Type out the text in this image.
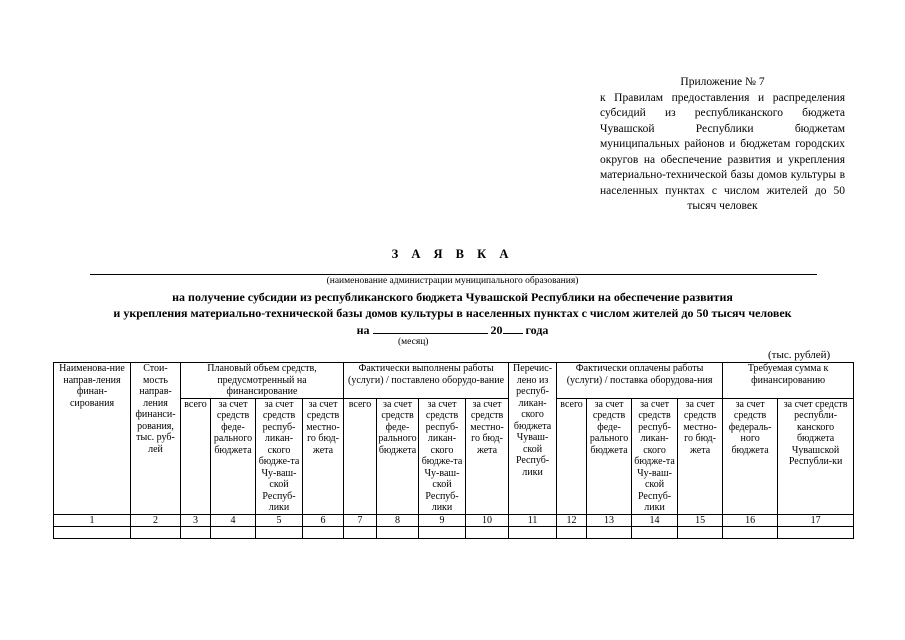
Приложение № 7
к Правилам предоставления и распределения субсидий из республиканского бюджета Чувашской Республики бюджетам муниципальных районов и бюджетам городских округов на обеспечение развития и укрепления материально-технической базы домов культуры в населенных пунктах с числом жителей до 50 тысяч человек
З А Я В К А
(наименование администрации муниципального образования)
на получение субсидии из республиканского бюджета Чувашской Республики на обеспечение развития
и укрепления материально-технической базы домов культуры в населенных пунктах с числом жителей до 50 тысяч человек
на	20 года
(месяц)
(тыс. рублей)
Наименова-ние направ-ления финан-сирования	Стои-мость направ-ления финанси-рования, тыс. руб-лей	Плановый объем средств, предусмотренный на финансирование				Фактически выполнены работы (услуги) / поставлено оборудо-вание				Перечис-лено из респуб-ликан-ского бюджета Чуваш-ской Респуб-лики	Фактически оплачены работы (услуги) / поставка оборудова-ния				Требуемая сумма к финансированию	
		всего	за счет средств феде-рального бюджета	за счет средств респуб-ликан-ского бюдже-та Чу-ваш-ской Респуб-лики	за счет средств местно-го бюд-жета	всего	за счет средств феде-рального бюджета	за счет средств респуб-ликан-ского бюдже-та Чу-ваш-ской Респуб-лики	за счет средств местно-го бюд-жета		всего	за счет средств феде-рального бюджета	за счет средств респуб-ликан-ского бюдже-та Чу-ваш-ской Респуб-лики	за счет средств местно-го бюд-жета	за счет средств федераль-ного бюджета	за счет средств республи-канского бюджета Чувашской Республи-ки
1	2	3	4	5	6	7	8	9	10	11	12	13	14	15	16	17
